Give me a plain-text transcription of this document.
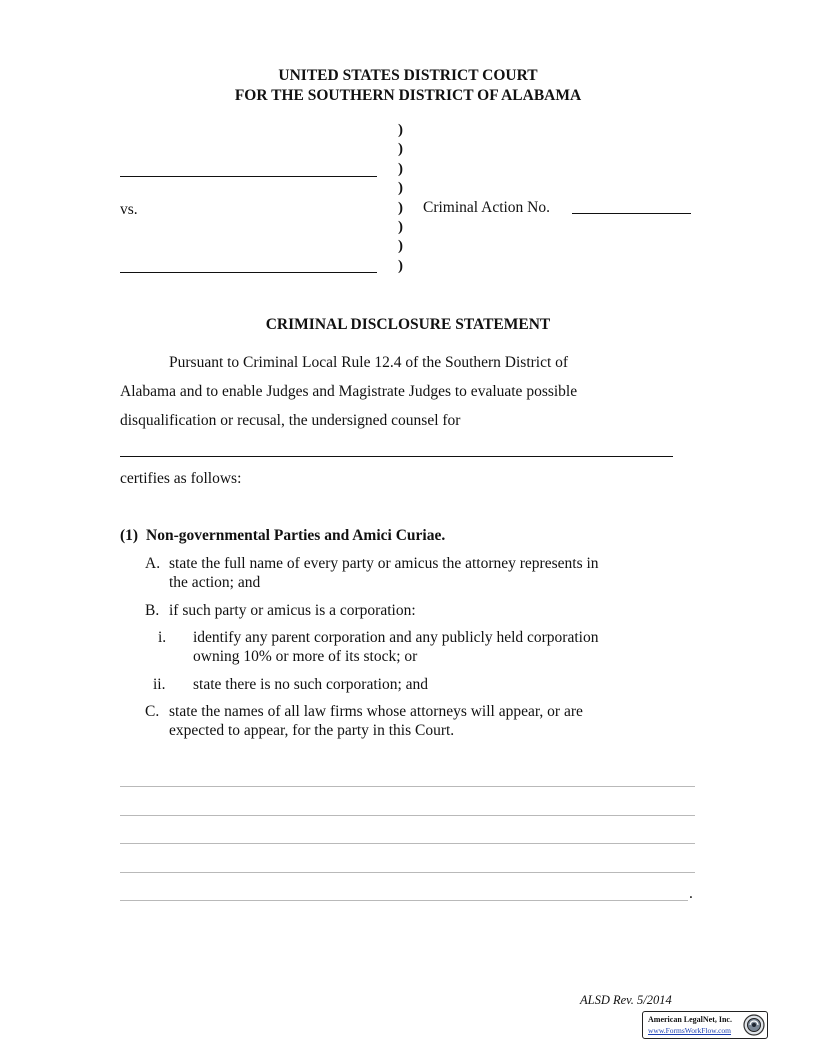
UNITED STATES DISTRICT COURT
FOR THE SOUTHERN DISTRICT OF ALABAMA
)
)
)
)
)
)
)
)
vs.	Criminal Action No.
CRIMINAL DISCLOSURE STATEMENT
Pursuant to Criminal Local Rule 12.4 of the Southern District of
Alabama and to enable Judges and Magistrate Judges to evaluate possible
disqualification or recusal, the undersigned counsel for
certifies as follows:
(1) Non-governmental Parties and Amici Curiae.
A. state the full name of every party or amicus the attorney represents in
the action; and
B. if such party or amicus is a corporation:
i. identify any parent corporation and any publicly held corporation
owning 10% or more of its stock; or
ii. state there is no such corporation; and
C. state the names of all law firms whose attorneys will appear, or are
expected to appear, for the party in this Court.
.
ALSD Rev. 5/2014
American LegalNet, Inc.
www.FormsWorkFlow.com
